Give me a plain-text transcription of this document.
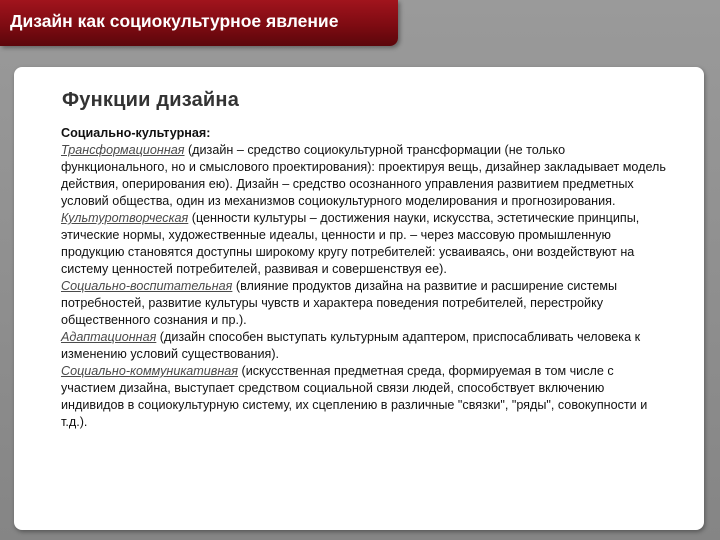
Дизайн как социокультурное явление
Функции дизайна

Социально-культурная:

Трансформационная (дизайн – средство социокультурной трансформации (не только функционального, но и смыслового проектирования): проектируя вещь, дизайнер закладывает модель действия, оперирования ею). Дизайн – средство осознанного управления развитием предметных условий общества, один из механизмов социокультурного моделирования и прогнозирования.

Культуротворческая (ценности культуры – достижения науки, искусства, эстетические принципы, этические нормы, художественные идеалы, ценности и пр. – через массовую промышленную продукцию становятся доступны широкому кругу потребителей: усваиваясь, они воздействуют на систему ценностей потребителей, развивая и совершенствуя ее).

Социально-воспитательная (влияние продуктов дизайна на развитие и расширение системы потребностей, развитие культуры чувств и характера поведения потребителей, перестройку общественного сознания и пр.).

Адаптационная (дизайн способен выступать культурным адаптером, приспосабливать человека к изменению условий существования).

Социально-коммуникативная (искусственная предметная среда, формируемая в том числе с участием дизайна, выступает средством социальной связи людей, способствует включению индивидов в социокультурную систему, их сцеплению в различные "связки", "ряды", совокупности и т.д.).
